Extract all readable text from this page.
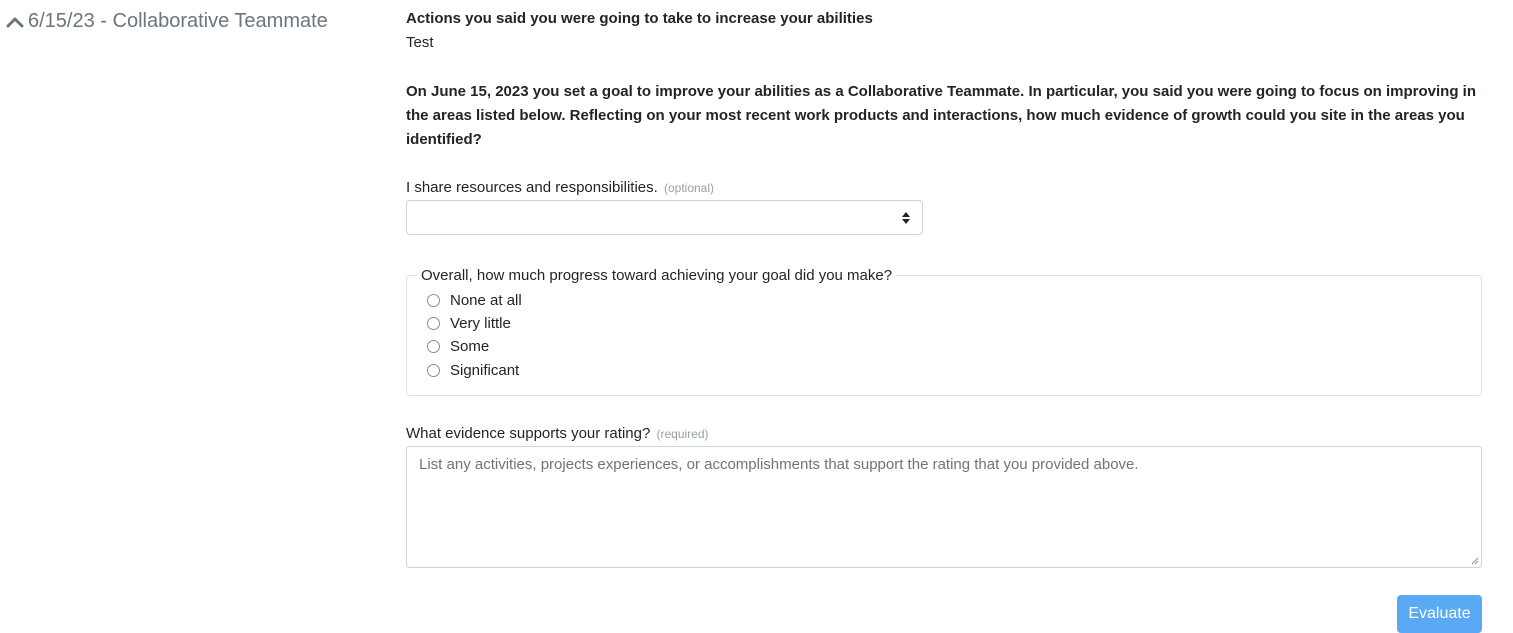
6/15/23 - Collaborative Teammate	Actions you said you were going to take to increase your abilities
Test
On June 15, 2023 you set a goal to improve your abilities as a Collaborative Teammate. In particular, you said you were going to focus on improving in the areas listed below. Reflecting on your most recent work products and interactions, how much evidence of growth could you site in the areas you identified?
I share resources and responsibilities. (optional)
Overall, how much progress toward achieving your goal did you make?
None at all
Very little
Some
Significant
What evidence supports your rating? (required)
List any activities, projects experiences, or accomplishments that support the rating that you provided above.
Evaluate
